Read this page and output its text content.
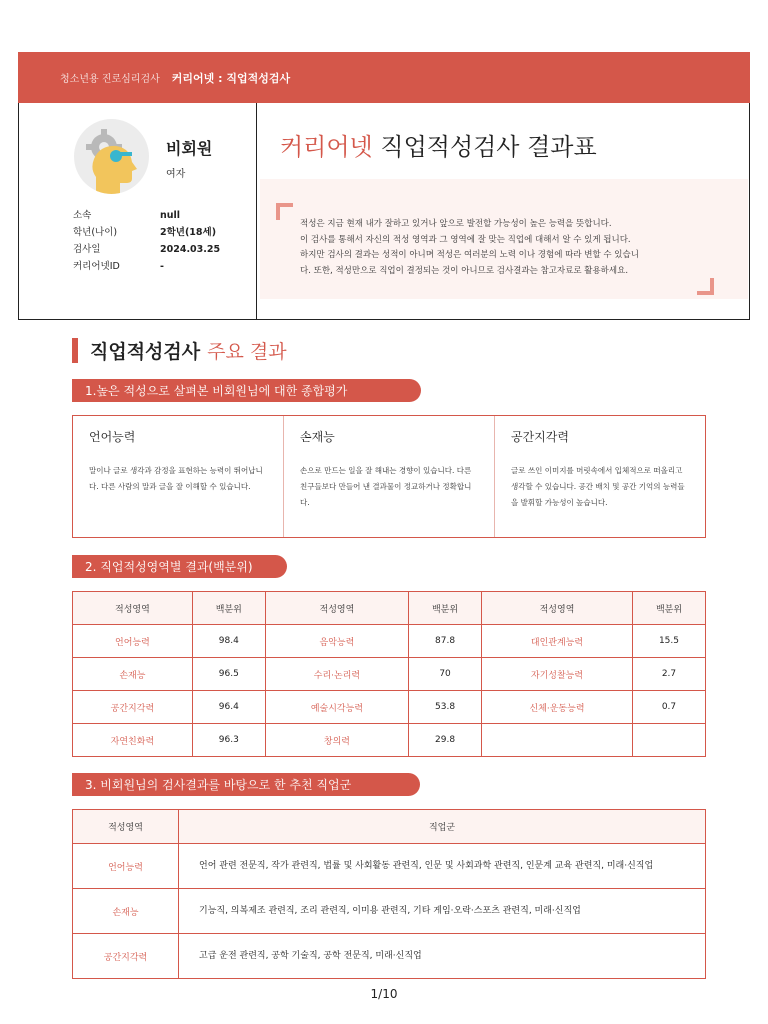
청소년용 진로심리검사 커리어넷 : 직업적성검사
비회원
여자
소속	null
학년(나이)	2학년(18세)
검사일	2024.03.25
커리어넷ID	-
커리어넷 직업적성검사 결과표
적성은 지금 현재 내가 잘하고 있거나 앞으로 발전할 가능성이 높은 능력을 뜻합니다.
이 검사를 통해서 자신의 적성 영역과 그 영역에 잘 맞는 직업에 대해서 알 수 있게 됩니다.
하지만 검사의 결과는 성적이 아니며 적성은 여러분의 노력 이나 경험에 따라 변할 수 있습니
다. 또한, 적성만으로 직업이 결정되는 것이 아니므로 검사결과는 참고자료로 활용하세요.
직업적성검사 주요 결과
1.높은 적성으로 살펴본 비회원님에 대한 종합평가
언어능력
말이나 글로 생각과 감정을 표현하는 능력이 뛰어납니다. 다른 사람의 말과 글을 잘 이해할 수 있습니다.
손재능
손으로 만드는 일을 잘 해내는 경향이 있습니다. 다른 친구들보다 만들어 낸 결과물이 정교하거나 정확합니다.
공간지각력
글로 쓰인 이미지를 머릿속에서 입체적으로 떠올리고 생각할 수 있습니다. 공간 배치 및 공간 기억의 능력들을 발휘할 가능성이 높습니다.
2. 직업적성영역별 결과(백분위)
적성영역	백분위	적성영역	백분위	적성영역	백분위
언어능력	98.4	음악능력	87.8	대인관계능력	15.5
손재능	96.5	수리·논리력	70	자기성찰능력	2.7
공간지각력	96.4	예술시각능력	53.8	신체·운동능력	0.7
자연친화력	96.3	창의력	29.8		
3. 비회원님의 검사결과를 바탕으로 한 추천 직업군
적성영역	직업군
언어능력	언어 관련 전문직, 작가 관련직, 법률 및 사회활동 관련직, 인문 및 사회과학 관련직, 인문계 교육 관련직, 미래·신직업
손재능	기능직, 의복제조 관련직, 조리 관련직, 이미용 관련직, 기타 게임·오락·스포츠 관련직, 미래·신직업
공간지각력	고급 운전 관련직, 공학 기술직, 공학 전문직, 미래·신직업
1/10
